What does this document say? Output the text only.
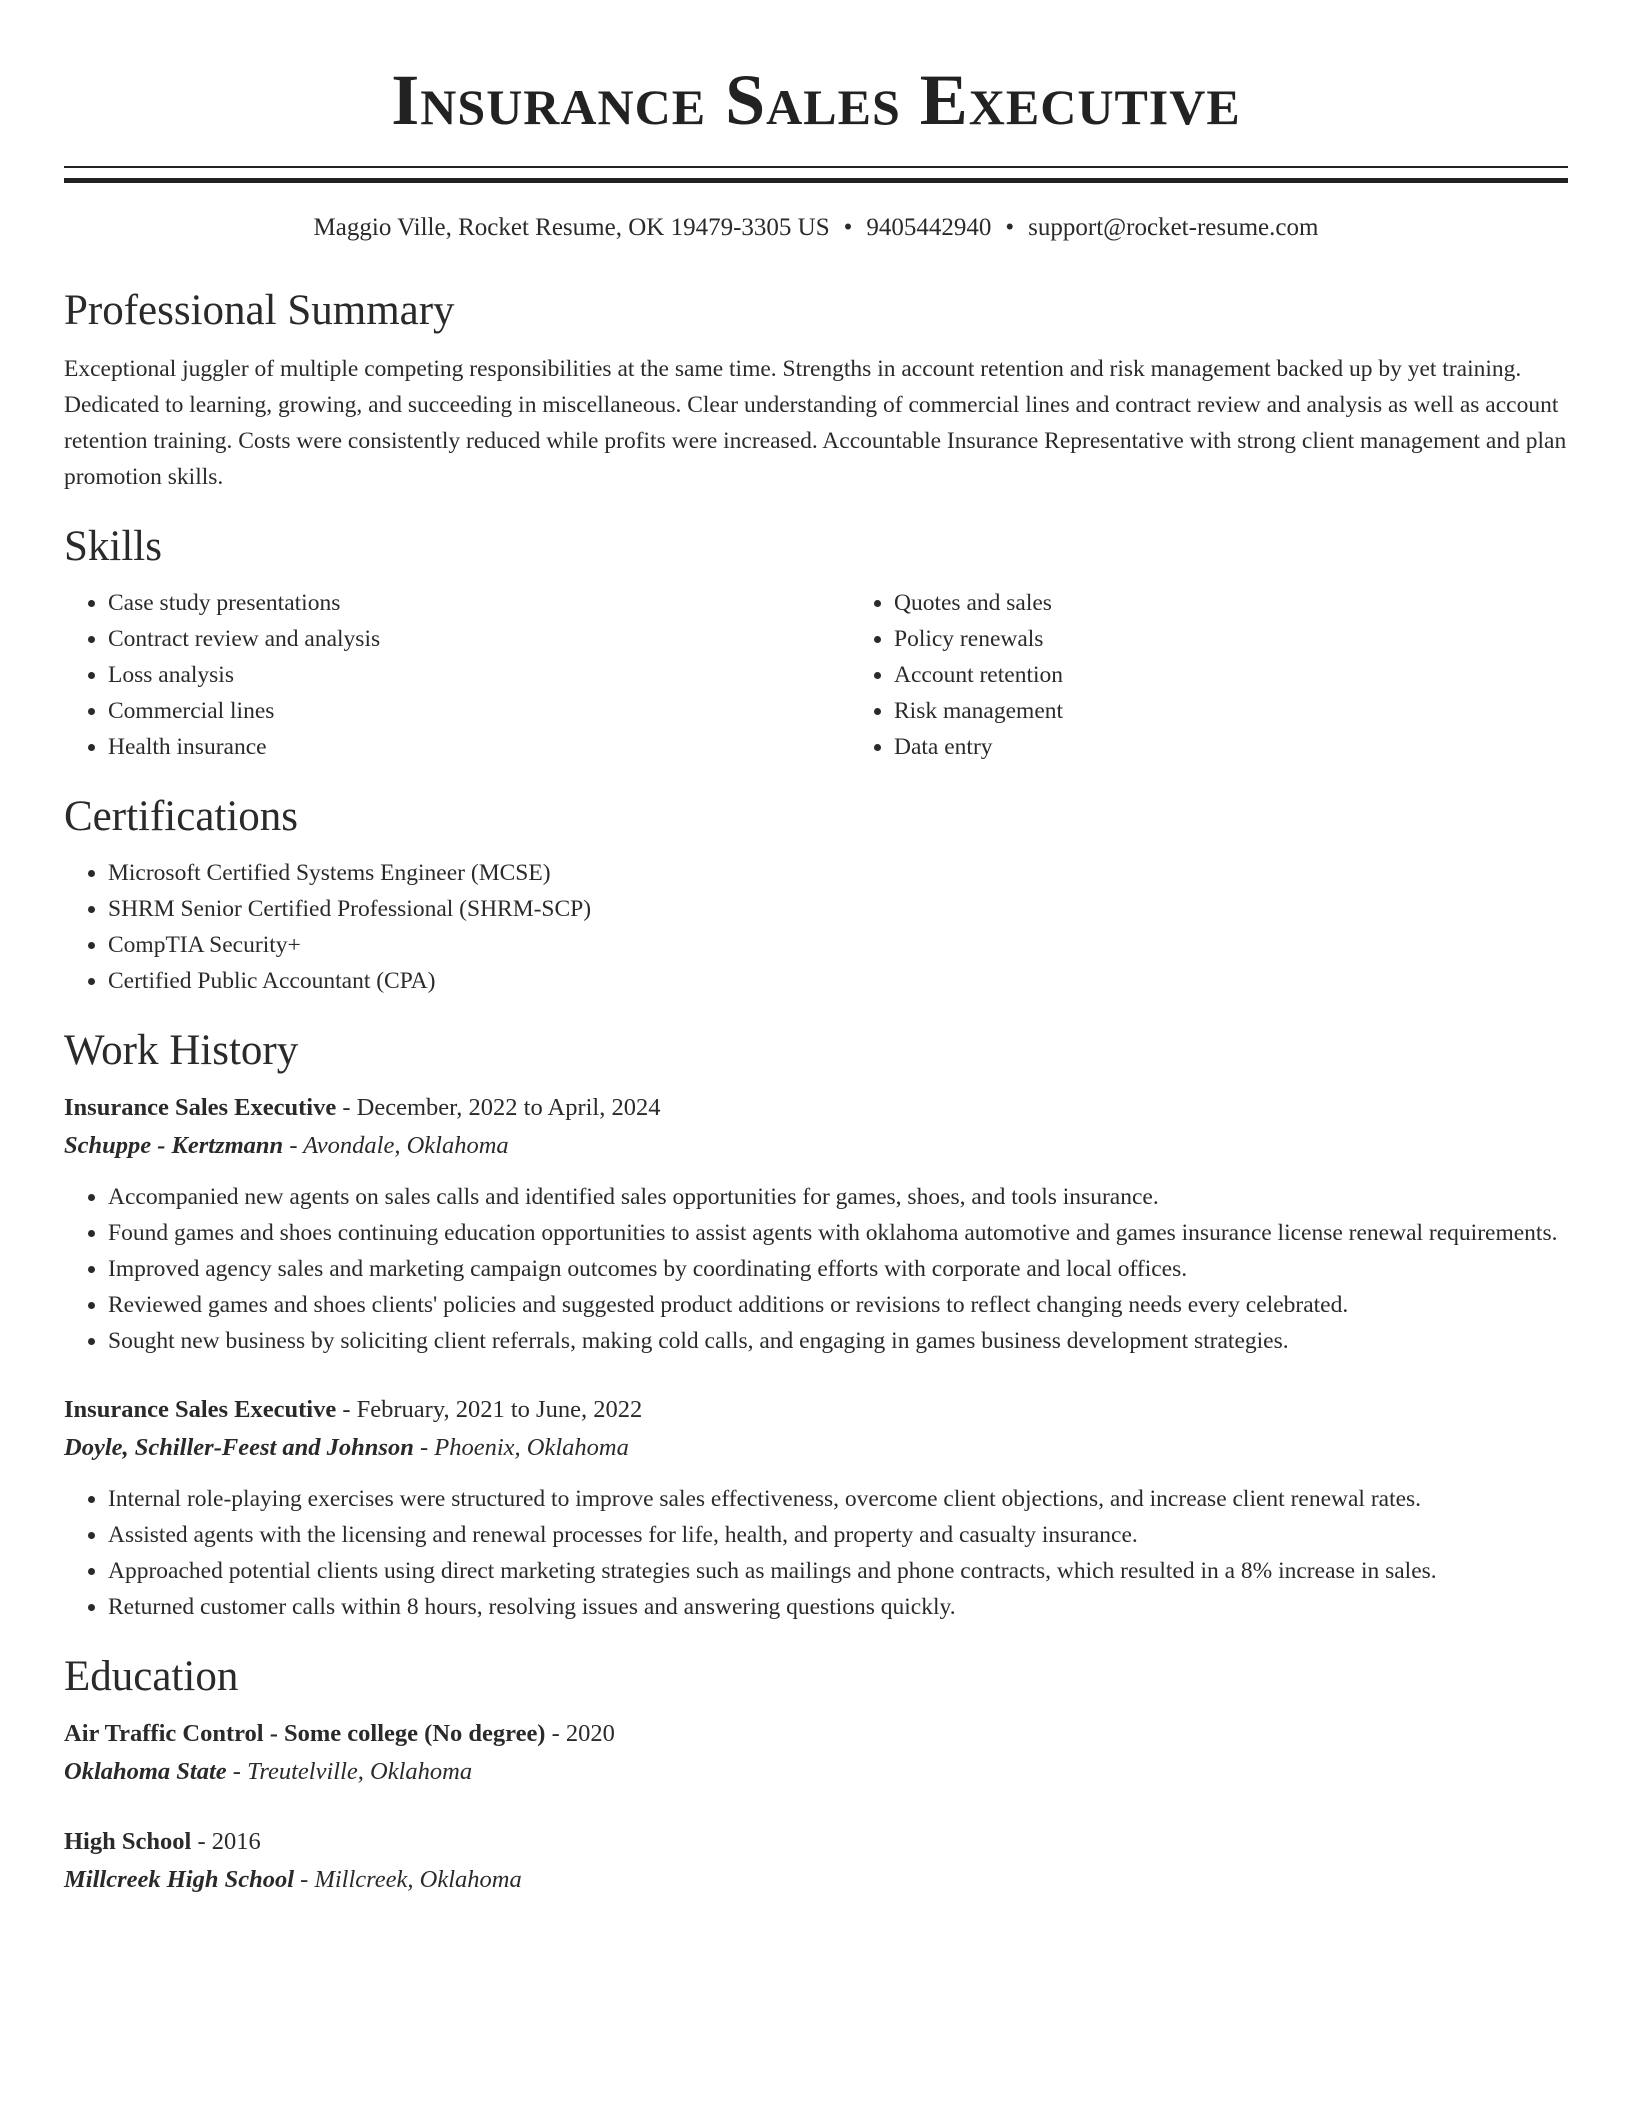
Insurance Sales Executive
Maggio Ville, Rocket Resume, OK 19479-3305 US • 9405442940 • support@rocket-resume.com
Professional Summary

Exceptional juggler of multiple competing responsibilities at the same time. Strengths in account retention and risk management backed up by yet training. Dedicated to learning, growing, and succeeding in miscellaneous. Clear understanding of commercial lines and contract review and analysis as well as account retention training. Costs were consistently reduced while profits were increased. Accountable Insurance Representative with strong client management and plan promotion skills.

Skills
• Case study presentations
• Contract review and analysis
• Loss analysis
• Commercial lines
• Health insurance
• Quotes and sales
• Policy renewals
• Account retention
• Risk management
• Data entry
Certifications
• Microsoft Certified Systems Engineer (MCSE)
• SHRM Senior Certified Professional (SHRM-SCP)
• CompTIA Security+
• Certified Public Accountant (CPA)
Work History
Insurance Sales Executive - December, 2022 to April, 2024
Schuppe - Kertzmann - Avondale, Oklahoma
• Accompanied new agents on sales calls and identified sales opportunities for games, shoes, and tools insurance.
• Found games and shoes continuing education opportunities to assist agents with oklahoma automotive and games insurance license renewal requirements.
• Improved agency sales and marketing campaign outcomes by coordinating efforts with corporate and local offices.
• Reviewed games and shoes clients' policies and suggested product additions or revisions to reflect changing needs every celebrated.
• Sought new business by soliciting client referrals, making cold calls, and engaging in games business development strategies.
Insurance Sales Executive - February, 2021 to June, 2022
Doyle, Schiller-Feest and Johnson - Phoenix, Oklahoma
• Internal role-playing exercises were structured to improve sales effectiveness, overcome client objections, and increase client renewal rates.
• Assisted agents with the licensing and renewal processes for life, health, and property and casualty insurance.
• Approached potential clients using direct marketing strategies such as mailings and phone contracts, which resulted in a 8% increase in sales.
• Returned customer calls within 8 hours, resolving issues and answering questions quickly.
Education
Air Traffic Control - Some college (No degree) - 2020
Oklahoma State - Treutelville, Oklahoma
High School - 2016
Millcreek High School - Millcreek, Oklahoma
